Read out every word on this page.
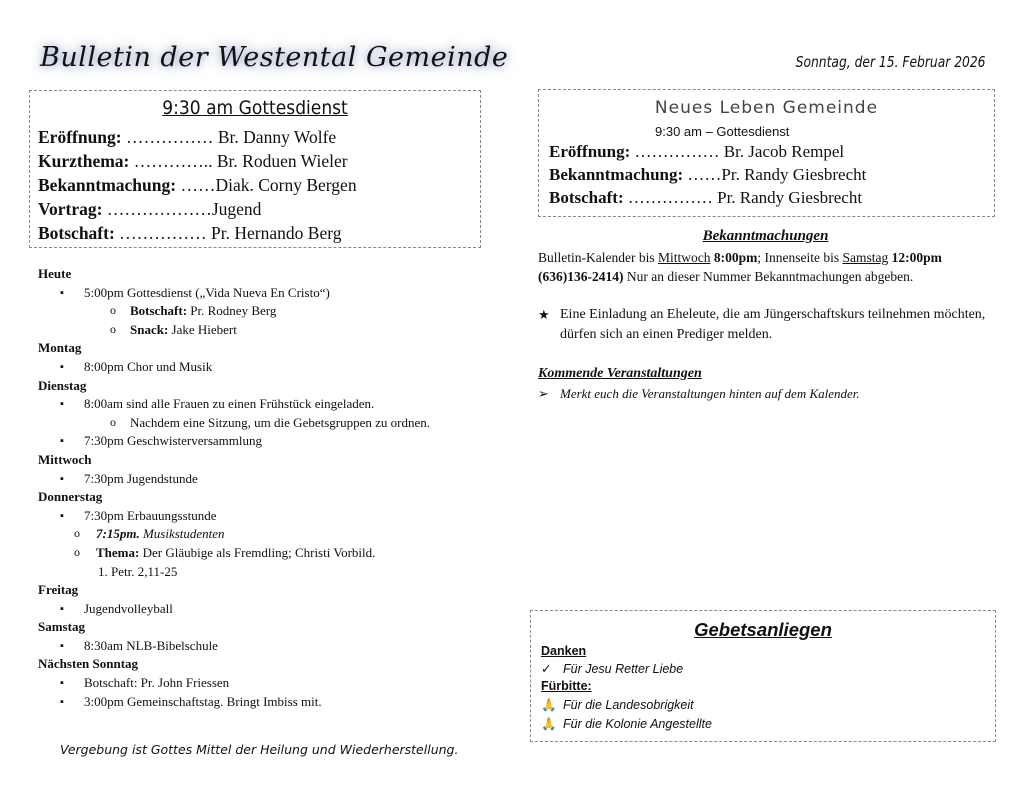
Bulletin der Westental Gemeinde	Sonntag, der 15. Februar 2026
9:30 am Gottesdienst
Eröffnung: …………… Br. Danny Wolfe
Kurzthema: ………….. Br. Roduen Wieler
Bekanntmachung: ……Diak. Corny Bergen
Vortrag: ………………Jugend
Botschaft: …………… Pr. Hernando Berg
Neues Leben Gemeinde
9:30 am – Gottesdienst
Eröffnung: …………… Br. Jacob Rempel
Bekanntmachung: ……Pr. Randy Giesbrecht
Botschaft: …………… Pr. Randy Giesbrecht
Heute
▪ 5:00pm Gottesdienst („Vida Nueva En Cristo“)
o Botschaft: Pr. Rodney Berg
o Snack: Jake Hiebert
Montag
▪ 8:00pm Chor und Musik
Dienstag
▪ 8:00am sind alle Frauen zu einen Frühstück eingeladen.
o Nachdem eine Sitzung, um die Gebetsgruppen zu ordnen.
▪ 7:30pm Geschwisterversammlung
Mittwoch
▪ 7:30pm Jugendstunde
Donnerstag
▪ 7:30pm Erbauungsstunde
o 7:15pm. Musikstudenten
o Thema: Der Gläubige als Fremdling; Christi Vorbild.
1. Petr. 2,11-25
Freitag
▪ Jugendvolleyball
Samstag
▪ 8:30am NLB-Bibelschule
Nächsten Sonntag
▪ Botschaft: Pr. John Friessen
▪ 3:00pm Gemeinschaftstag. Bringt Imbiss mit.
Vergebung ist Gottes Mittel der Heilung und Wiederherstellung.
Bekanntmachungen
Bulletin-Kalender bis Mittwoch 8:00pm; Innenseite bis Samstag 12:00pm
(636)136-2414) Nur an dieser Nummer Bekanntmachungen abgeben.
★ Eine Einladung an Eheleute, die am Jüngerschaftskurs teilnehmen möchten, dürfen sich an einen Prediger melden.
Kommende Veranstaltungen
➢ Merkt euch die Veranstaltungen hinten auf dem Kalender.
Gebetsanliegen
Danken
✓ Für Jesu Retter Liebe
Fürbitte:
🙏 Für die Landesobrigkeit
🙏 Für die Kolonie Angestellte
